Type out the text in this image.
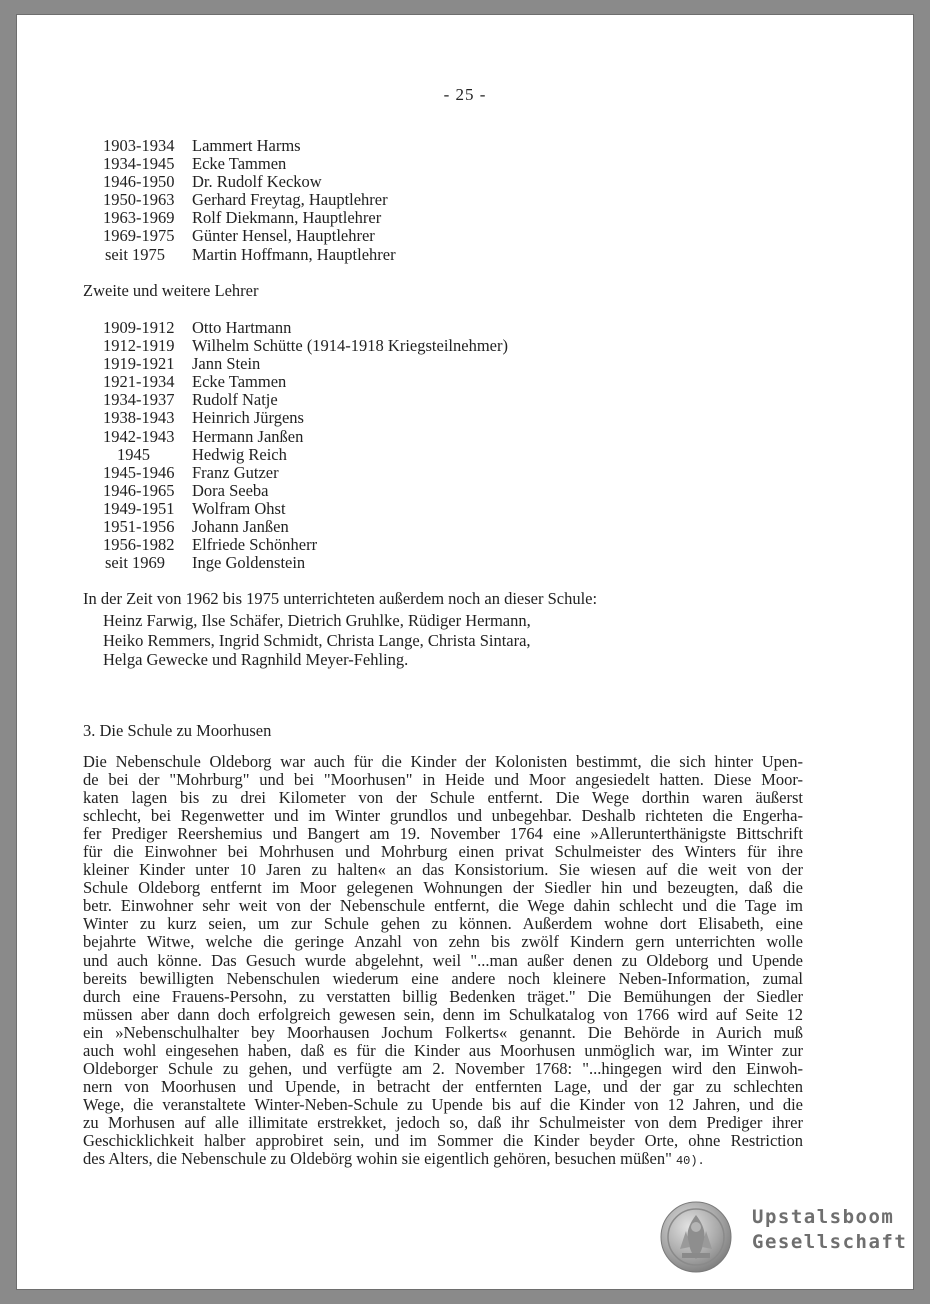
- 25 -
1903-1934 Lammert Harms
1934-1945 Ecke Tammen
1946-1950 Dr. Rudolf Keckow
1950-1963 Gerhard Freytag, Hauptlehrer
1963-1969 Rolf Diekmann, Hauptlehrer
1969-1975 Günter Hensel, Hauptlehrer
seit 1975 Martin Hoffmann, Hauptlehrer
Zweite und weitere Lehrer
1909-1912 Otto Hartmann
1912-1919 Wilhelm Schütte (1914-1918 Kriegsteilnehmer)
1919-1921 Jann Stein
1921-1934 Ecke Tammen
1934-1937 Rudolf Natje
1938-1943 Heinrich Jürgens
1942-1943 Hermann Janßen
1945	Hedwig Reich
1945-1946 Franz Gutzer
1946-1965 Dora Seeba
1949-1951 Wolfram Ohst
1951-1956 Johann Janßen
1956-1982 Elfriede Schönherr
seit 1969 Inge Goldenstein
In der Zeit von 1962 bis 1975 unterrichteten außerdem noch an dieser Schule:
Heinz Farwig, Ilse Schäfer, Dietrich Gruhlke, Rüdiger Hermann,
Heiko Remmers, Ingrid Schmidt, Christa Lange, Christa Sintara,
Helga Gewecke und Ragnhild Meyer-Fehling.
3. Die Schule zu Moorhusen
Die Nebenschule Oldeborg war auch für die Kinder der Kolonisten bestimmt, die sich hinter Upen-
de bei der "Mohrburg" und bei "Moorhusen" in Heide und Moor angesiedelt hatten. Diese Moor-
katen lagen bis zu drei Kilometer von der Schule entfernt. Die Wege dorthin waren äußerst
schlecht, bei Regenwetter und im Winter grundlos und unbegehbar. Deshalb richteten die Engerha-
fer Prediger Reershemius und Bangert am 19. November 1764 eine »Allerunterthänigste Bittschrift
für die Einwohner bei Mohrhusen und Mohrburg einen privat Schulmeister des Winters für ihre
kleiner Kinder unter 10 Jaren zu halten« an das Konsistorium. Sie wiesen auf die weit von der
Schule Oldeborg entfernt im Moor gelegenen Wohnungen der Siedler hin und bezeugten, daß die
betr. Einwohner sehr weit von der Nebenschule entfernt, die Wege dahin schlecht und die Tage im
Winter zu kurz seien, um zur Schule gehen zu können. Außerdem wohne dort Elisabeth, eine
bejahrte Witwe, welche die geringe Anzahl von zehn bis zwölf Kindern gern unterrichten wolle
und auch könne. Das Gesuch wurde abgelehnt, weil "...man außer denen zu Oldeborg und Upende
bereits bewilligten Nebenschulen wiederum eine andere noch kleinere Neben-Information, zumal
durch eine Frauens-Persohn, zu verstatten billig Bedenken träget." Die Bemühungen der Siedler
müssen aber dann doch erfolgreich gewesen sein, denn im Schulkatalog von 1766 wird auf Seite 12
ein »Nebenschulhalter bey Moorhausen Jochum Folkerts« genannt. Die Behörde in Aurich muß
auch wohl eingesehen haben, daß es für die Kinder aus Moorhusen unmöglich war, im Winter zur
Oldeborger Schule zu gehen, und verfügte am 2. November 1768: "...hingegen wird den Einwoh-
nern von Moorhusen und Upende, in betracht der entfernten Lage, und der gar zu schlechten
Wege, die veranstaltete Winter-Neben-Schule zu Upende bis auf die Kinder von 12 Jahren, und die
zu Morhusen auf alle illimitate erstrekket, jedoch so, daß ihr Schulmeister von dem Prediger ihrer
Geschicklichkeit halber approbiret sein, und im Sommer die Kinder beyder Orte, ohne Restriction
des Alters, die Nebenschule zu Oldebörg wohin sie eigentlich gehören, besuchen müßen" 40).
Upstalsboom
Gesellschaft
